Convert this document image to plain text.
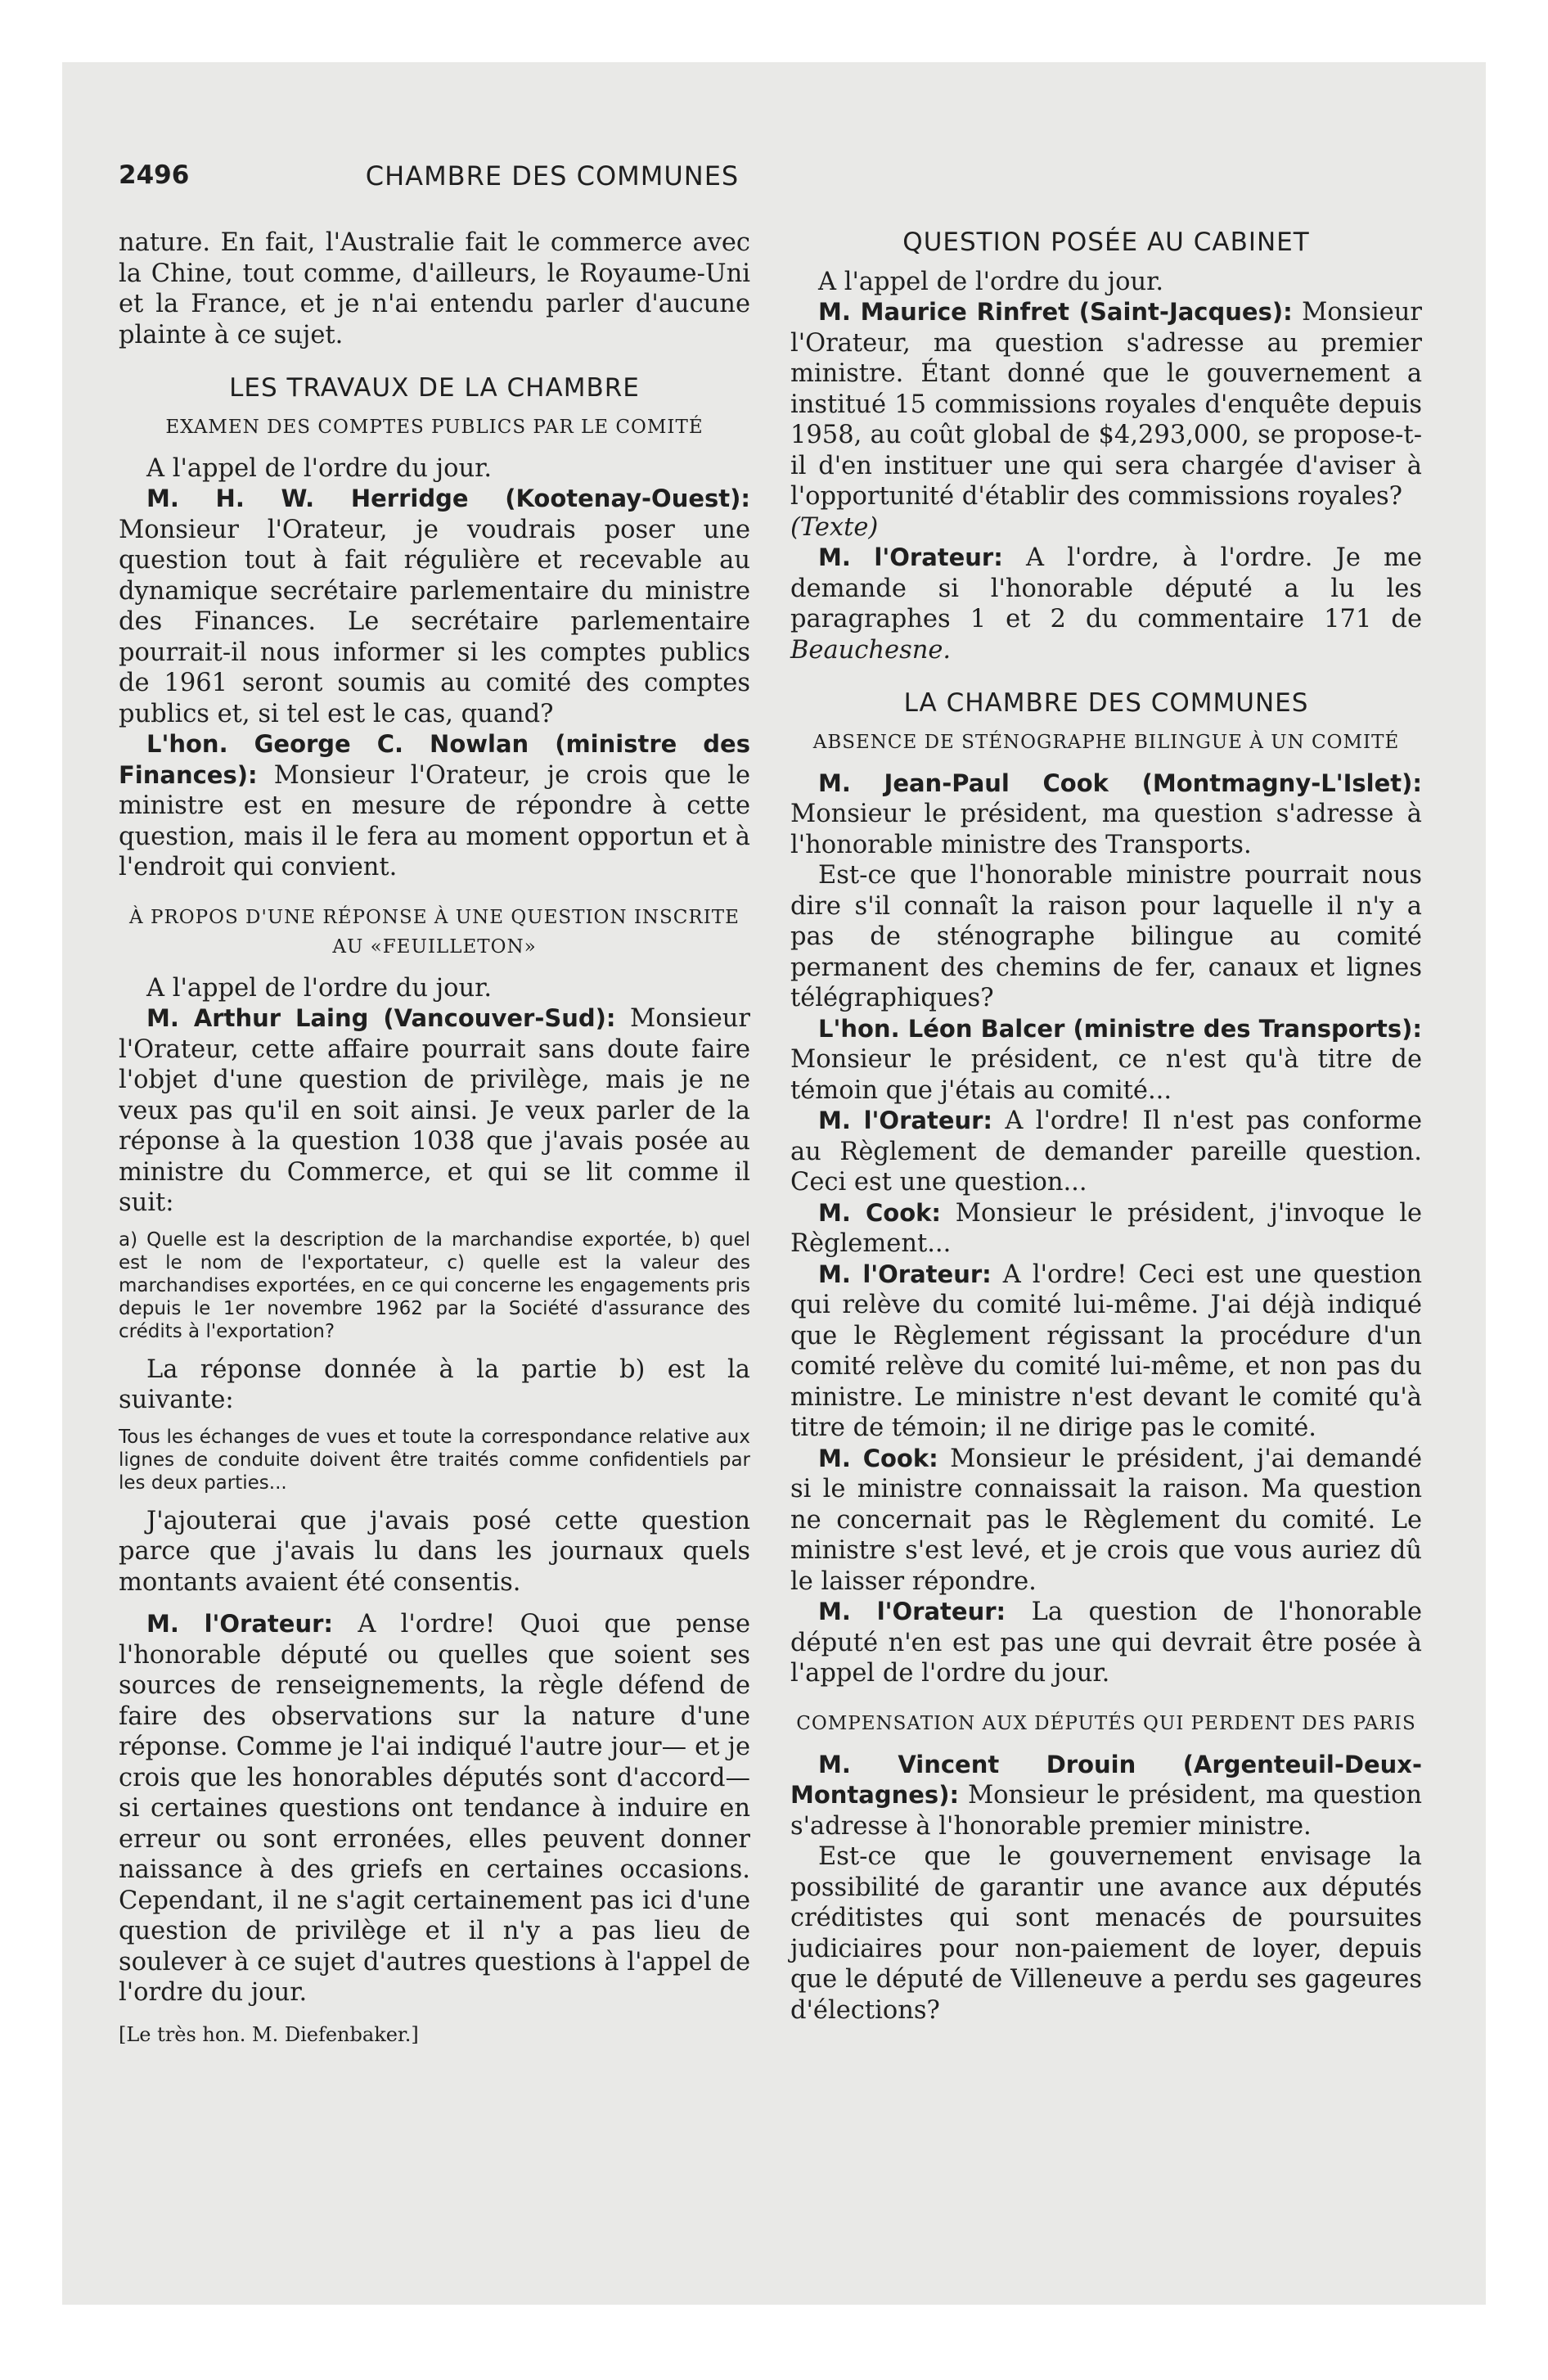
2496	CHAMBRE DES COMMUNES

nature. En fait, l'Australie fait le commerce avec la Chine, tout comme, d'ailleurs, le Royaume-Uni et la France, et je n'ai entendu parler d'aucune plainte à ce sujet.

LES TRAVAUX DE LA CHAMBRE
EXAMEN DES COMPTES PUBLICS PAR LE COMITÉ

A l'appel de l'ordre du jour.

M. H. W. Herridge (Kootenay-Ouest): Monsieur l'Orateur, je voudrais poser une question tout à fait régulière et recevable au dynamique secrétaire parlementaire du ministre des Finances. Le secrétaire parlementaire pourrait-il nous informer si les comptes publics de 1961 seront soumis au comité des comptes publics et, si tel est le cas, quand?

L'hon. George C. Nowlan (ministre des Finances): Monsieur l'Orateur, je crois que le ministre est en mesure de répondre à cette question, mais il le fera au moment opportun et à l'endroit qui convient.

À PROPOS D'UNE RÉPONSE À UNE QUESTION INSCRITE AU «FEUILLETON»

A l'appel de l'ordre du jour.

M. Arthur Laing (Vancouver-Sud): Monsieur l'Orateur, cette affaire pourrait sans doute faire l'objet d'une question de privilège, mais je ne veux pas qu'il en soit ainsi. Je veux parler de la réponse à la question 1038 que j'avais posée au ministre du Commerce, et qui se lit comme il suit:

a) Quelle est la description de la marchandise exportée, b) quel est le nom de l'exportateur, c) quelle est la valeur des marchandises exportées, en ce qui concerne les engagements pris depuis le 1er novembre 1962 par la Société d'assurance des crédits à l'exportation?

La réponse donnée à la partie b) est la suivante:

Tous les échanges de vues et toute la correspondance relative aux lignes de conduite doivent être traités comme confidentiels par les deux parties...

J'ajouterai que j'avais posé cette question parce que j'avais lu dans les journaux quels montants avaient été consentis.

M. l'Orateur: A l'ordre! Quoi que pense l'honorable député ou quelles que soient ses sources de renseignements, la règle défend de faire des observations sur la nature d'une réponse. Comme je l'ai indiqué l'autre jour— et je crois que les honorables députés sont d'accord—si certaines questions ont tendance à induire en erreur ou sont erronées, elles peuvent donner naissance à des griefs en certaines occasions. Cependant, il ne s'agit certainement pas ici d'une question de privilège et il n'y a pas lieu de soulever à ce sujet d'autres questions à l'appel de l'ordre du jour.

[Le très hon. M. Diefenbaker.]

QUESTION POSÉE AU CABINET

A l'appel de l'ordre du jour.

M. Maurice Rinfret (Saint-Jacques): Monsieur l'Orateur, ma question s'adresse au premier ministre. Étant donné que le gouvernement a institué 15 commissions royales d'enquête depuis 1958, au coût global de $4,293,000, se propose-t-il d'en instituer une qui sera chargée d'aviser à l'opportunité d'établir des commissions royales?

(Texte)

M. l'Orateur: A l'ordre, à l'ordre. Je me demande si l'honorable député a lu les paragraphes 1 et 2 du commentaire 171 de Beauchesne.

LA CHAMBRE DES COMMUNES
ABSENCE DE STÉNOGRAPHE BILINGUE À UN COMITÉ

M. Jean-Paul Cook (Montmagny-L'Islet): Monsieur le président, ma question s'adresse à l'honorable ministre des Transports.

Est-ce que l'honorable ministre pourrait nous dire s'il connaît la raison pour laquelle il n'y a pas de sténographe bilingue au comité permanent des chemins de fer, canaux et lignes télégraphiques?

L'hon. Léon Balcer (ministre des Transports): Monsieur le président, ce n'est qu'à titre de témoin que j'étais au comité...

M. l'Orateur: A l'ordre! Il n'est pas conforme au Règlement de demander pareille question. Ceci est une question...

M. Cook: Monsieur le président, j'invoque le Règlement...

M. l'Orateur: A l'ordre! Ceci est une question qui relève du comité lui-même. J'ai déjà indiqué que le Règlement régissant la procédure d'un comité relève du comité lui-même, et non pas du ministre. Le ministre n'est devant le comité qu'à titre de témoin; il ne dirige pas le comité.

M. Cook: Monsieur le président, j'ai demandé si le ministre connaissait la raison. Ma question ne concernait pas le Règlement du comité. Le ministre s'est levé, et je crois que vous auriez dû le laisser répondre.

M. l'Orateur: La question de l'honorable député n'en est pas une qui devrait être posée à l'appel de l'ordre du jour.

COMPENSATION AUX DÉPUTÉS QUI PERDENT DES PARIS

M. Vincent Drouin (Argenteuil-Deux-Montagnes): Monsieur le président, ma question s'adresse à l'honorable premier ministre.

Est-ce que le gouvernement envisage la possibilité de garantir une avance aux députés créditistes qui sont menacés de poursuites judiciaires pour non-paiement de loyer, depuis que le député de Villeneuve a perdu ses gageures d'élections?
